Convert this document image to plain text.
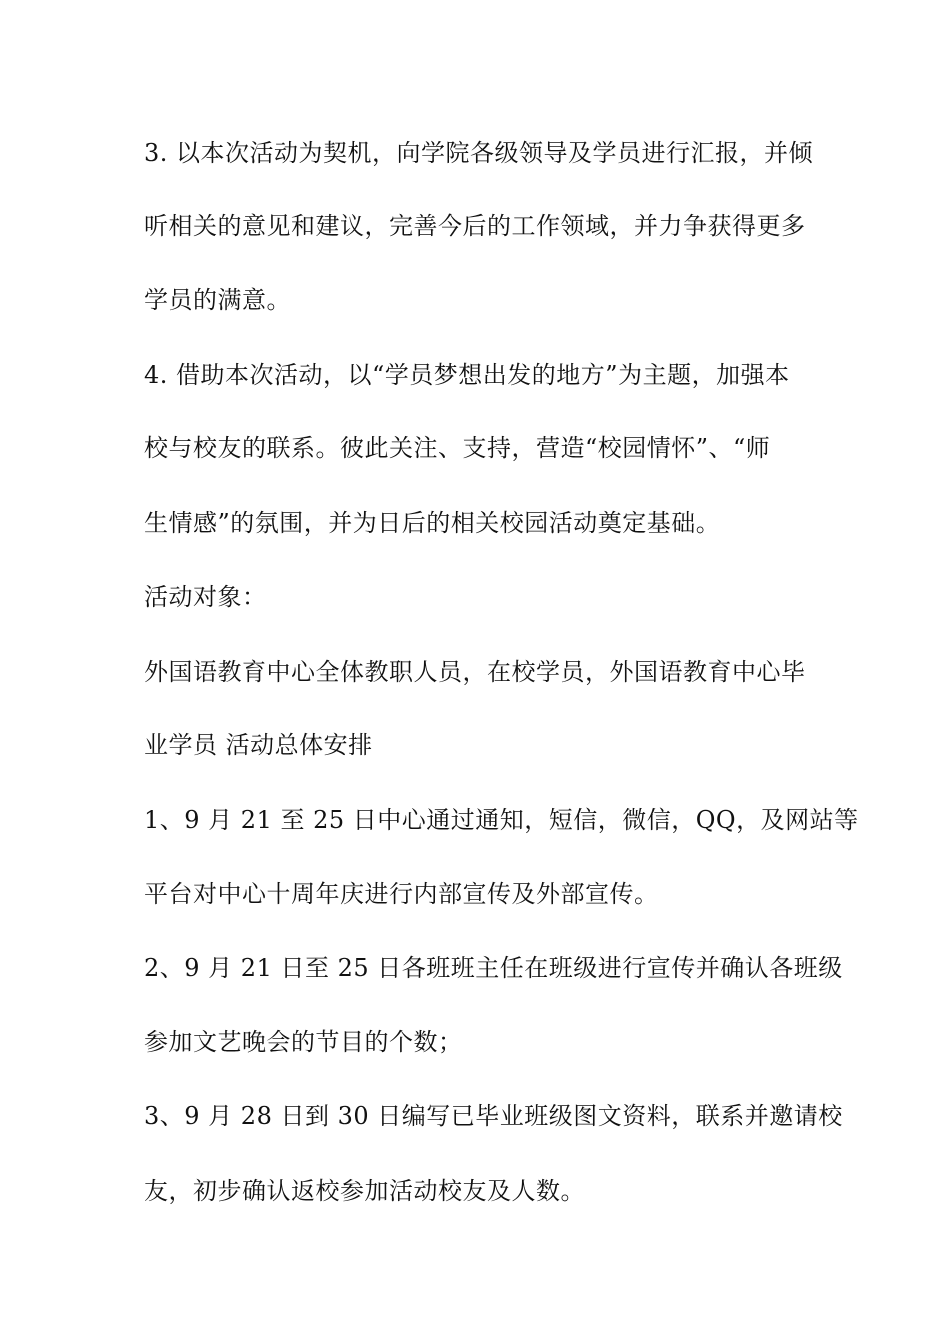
3. 以本次活动为契机，向学院各级领导及学员进行汇报，并倾
听相关的意见和建议，完善今后的工作领域，并力争获得更多
学员的满意。
4. 借助本次活动，以“学员梦想出发的地方”为主题，加强本
校与校友的联系。彼此关注、支持，营造“校园情怀”、“师
生情感”的氛围，并为日后的相关校园活动奠定基础。
活动对象：
外国语教育中心全体教职人员，在校学员，外国语教育中心毕
业学员 活动总体安排
1、9 月 21 至 25 日中心通过通知，短信，微信，QQ，及网站等
平台对中心十周年庆进行内部宣传及外部宣传。
2、9 月 21 日至 25 日各班班主任在班级进行宣传并确认各班级
参加文艺晚会的节目的个数；
3、9 月 28 日到 30 日编写已毕业班级图文资料，联系并邀请校
友，初步确认返校参加活动校友及人数。
